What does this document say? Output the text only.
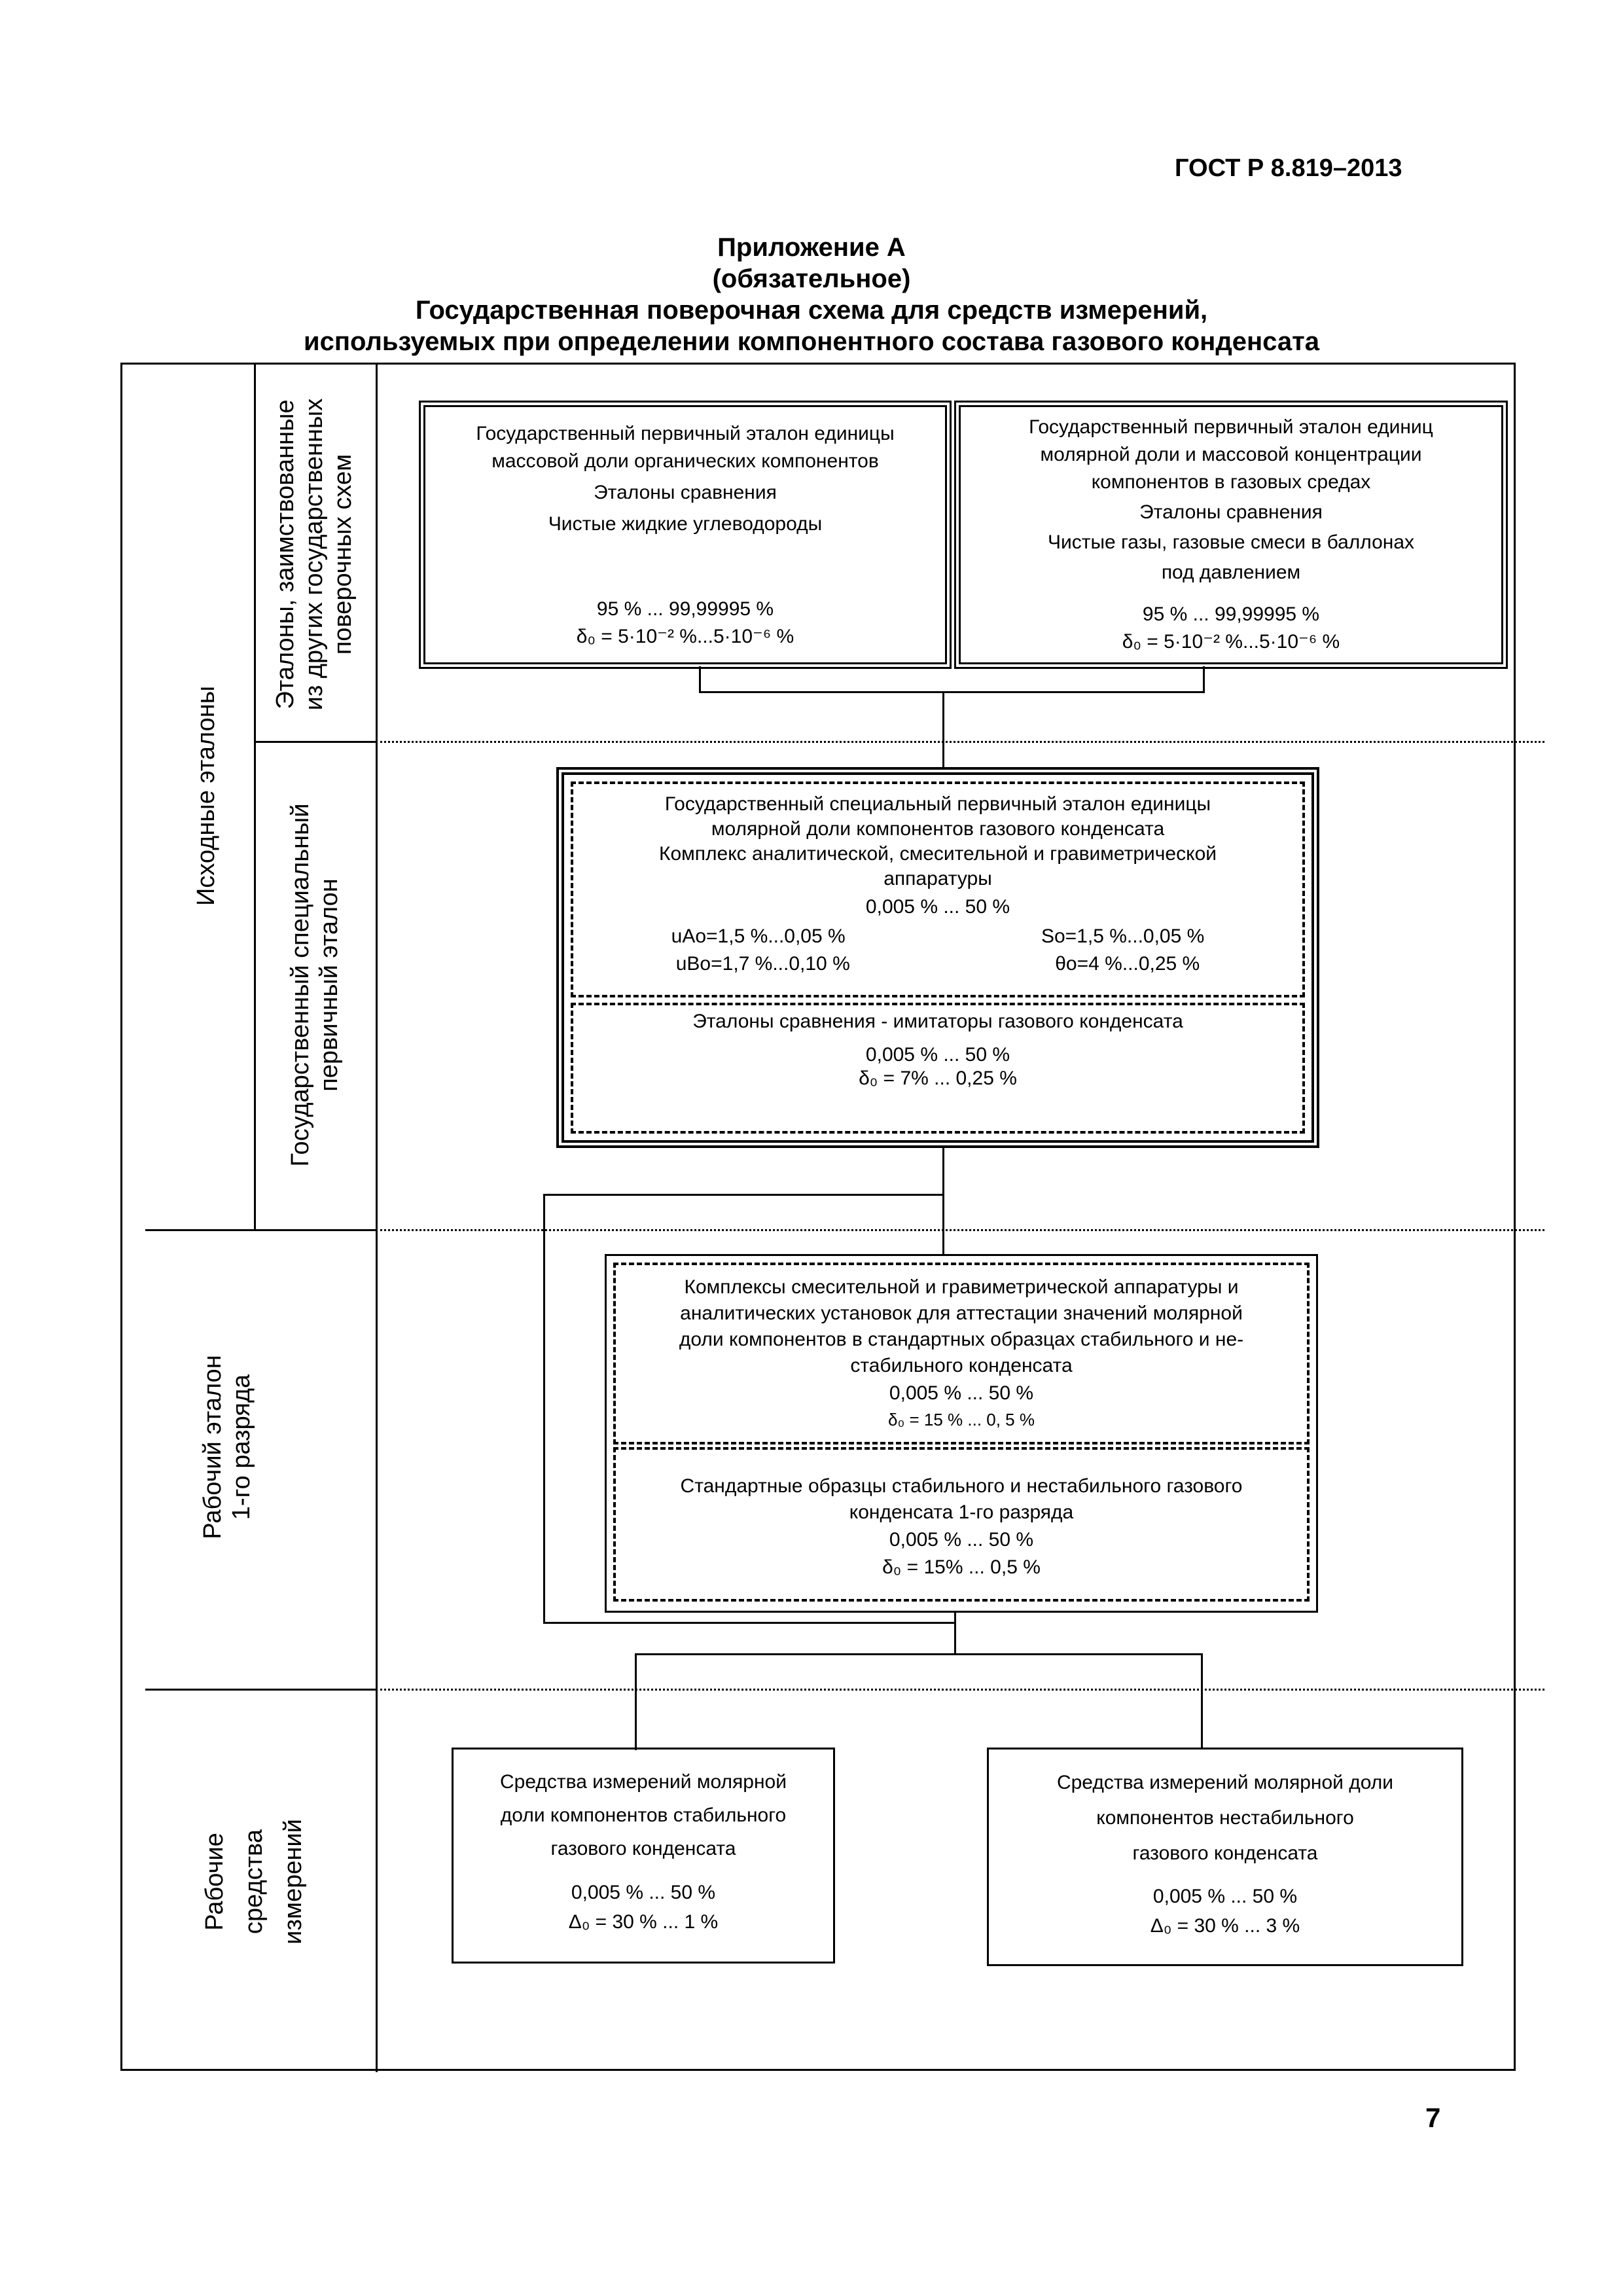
ГОСТ Р 8.819–2013
Приложение А
(обязательное)
Государственная поверочная схема для средств измерений,
используемых при определении компонентного состава газового конденсата
Исходные эталоны
Эталоны, заимствованные из других государственных поверочных схем
Государственный специальный первичный эталон
Рабочий эталон 1-го разряда
Рабочие средства измерений
Государственный первичный эталон единицы
массовой доли органических компонентов
Эталоны сравнения
Чистые жидкие углеводороды
95 % ... 99,99995 %
δ₀ = 5·10⁻² %...5·10⁻⁶ %
Государственный первичный эталон единиц
молярной доли и массовой концентрации
компонентов в газовых средах
Эталоны сравнения
Чистые газы, газовые смеси в баллонах
под давлением
95 % ... 99,99995 %
δ₀ = 5·10⁻² %...5·10⁻⁶ %
Государственный специальный первичный эталон единицы
молярной доли компонентов газового конденсата
Комплекс аналитической, смесительной и гравиметрической
аппаратуры
0,005 % ... 50 %
uАо=1,5 %...0,05 %	Sо=1,5 %...0,05 %
uВо=1,7 %...0,10 %	θо=4 %...0,25 %
Эталоны сравнения - имитаторы газового конденсата
0,005 % ... 50 %
δ₀ = 7% ... 0,25 %
Комплексы смесительной и гравиметрической аппаратуры и
аналитических установок для аттестации значений молярной
доли компонентов в стандартных образцах стабильного и не-
стабильного конденсата
0,005 % ... 50 %
δ₀ = 15 % ... 0, 5 %
Стандартные образцы стабильного и нестабильного газового
конденсата 1-го разряда
0,005 % ... 50 %
δ₀ = 15% ... 0,5 %
Средства измерений молярной
доли компонентов стабильного
газового конденсата
0,005 % ... 50 %
Δ₀ = 30 % ... 1 %
Средства измерений молярной доли
компонентов нестабильного
газового конденсата
0,005 % ... 50 %
Δ₀ = 30 % ... 3 %
7
